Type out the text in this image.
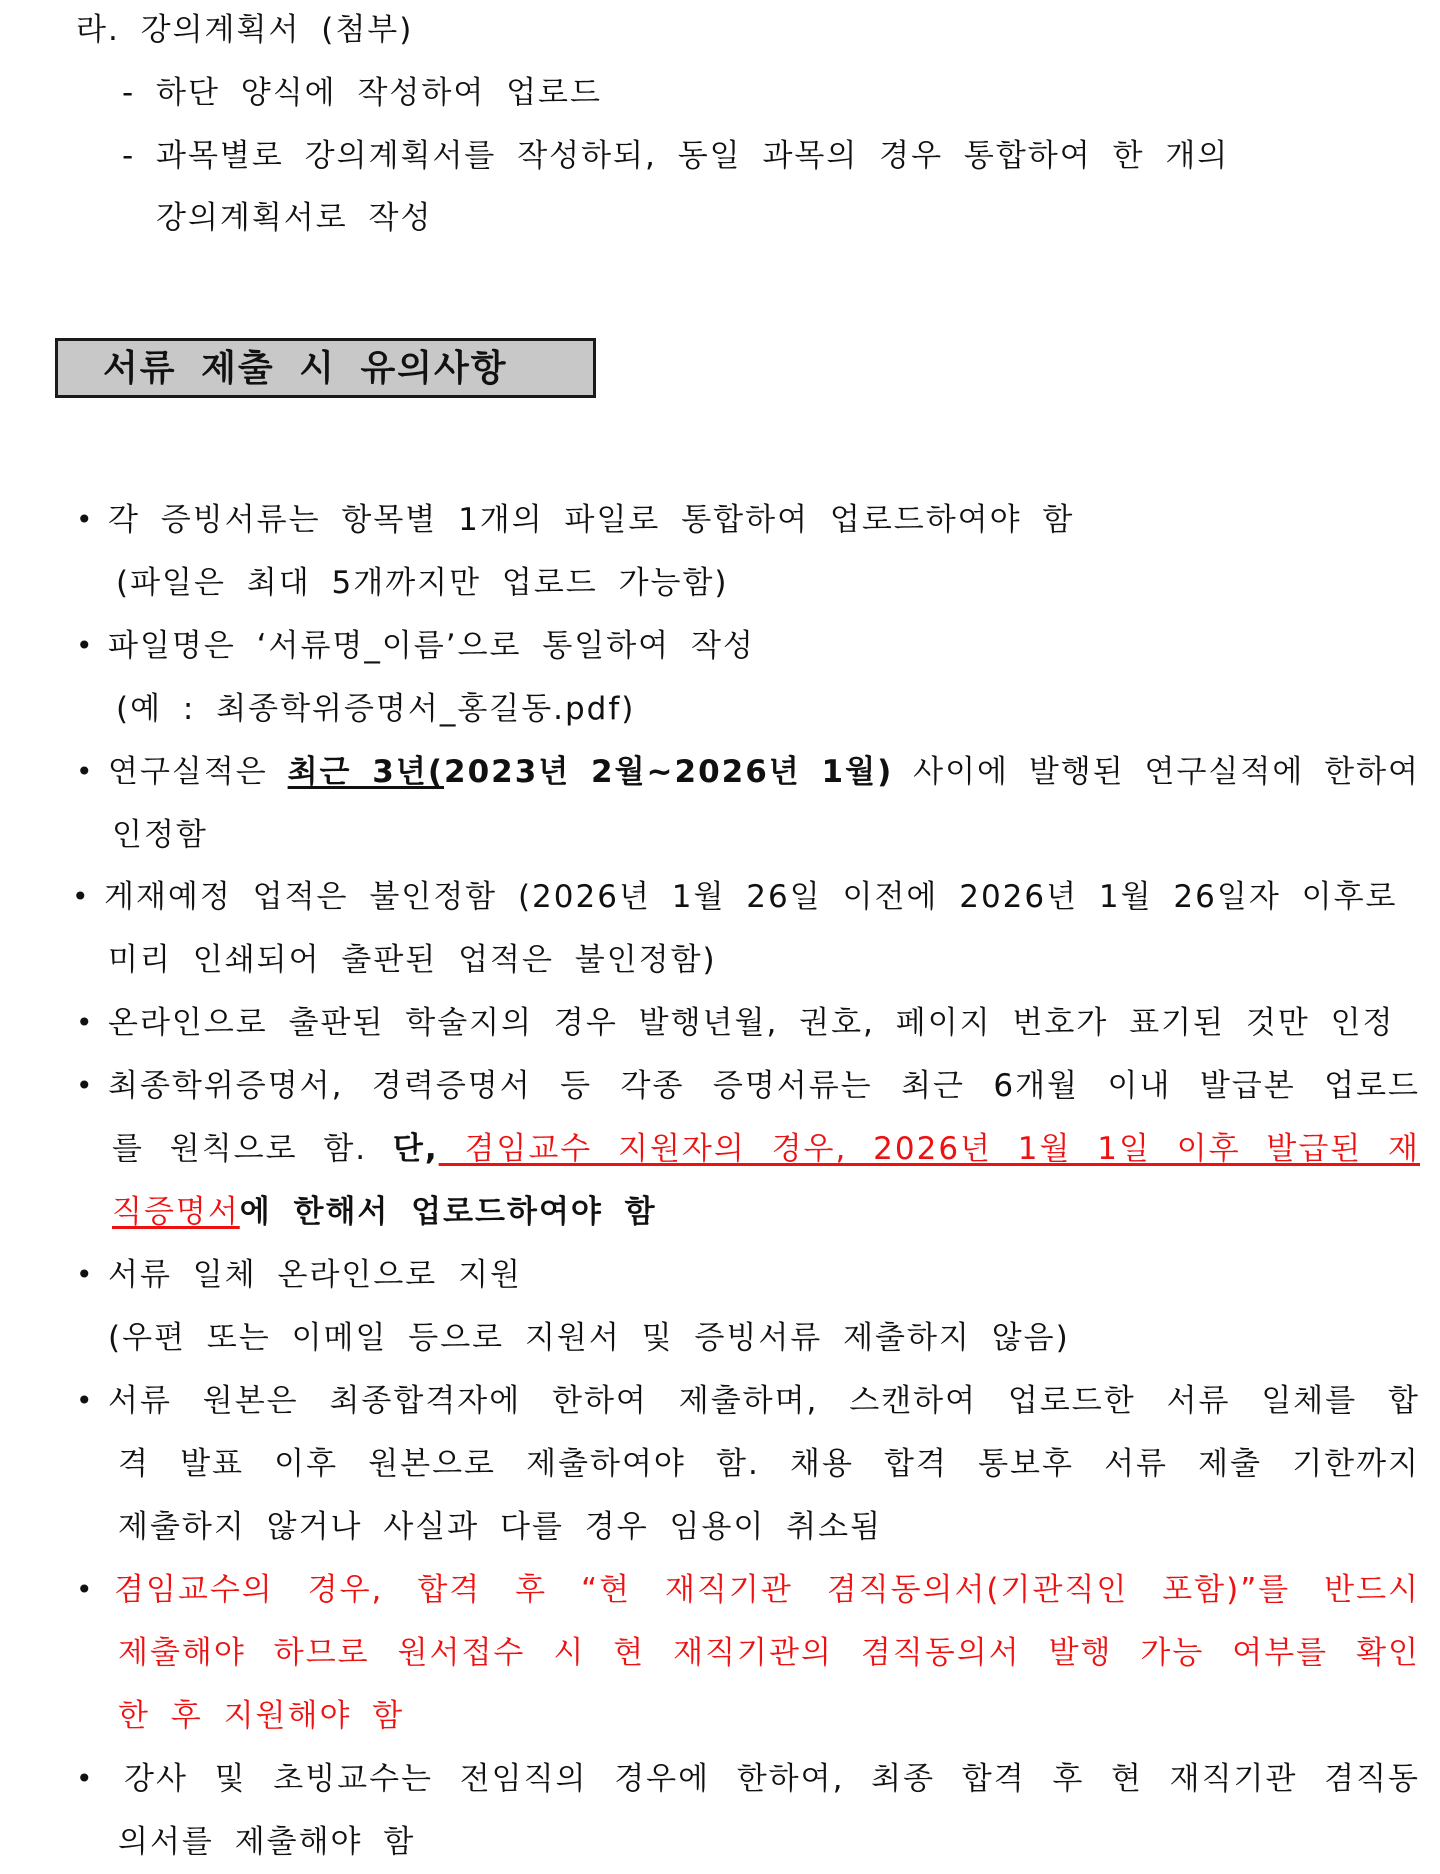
라. 강의계획서 (첨부)
- 하단 양식에 작성하여 업로드
- 과목별로 강의계획서를 작성하되, 동일 과목의 경우 통합하여 한 개의
강의계획서로 작성
서류 제출 시 유의사항
• 각 증빙서류는 항목별 1개의 파일로 통합하여 업로드하여야 함
(파일은 최대 5개까지만 업로드 가능함)
• 파일명은 ‘서류명_이름’으로 통일하여 작성
(예 : 최종학위증명서_홍길동.pdf)
• 연구실적은 최근 3년(2023년 2월~2026년 1월) 사이에 발행된 연구실적에 한하여
인정함
• 게재예정 업적은 불인정함 (2026년 1월 26일 이전에 2026년 1월 26일자 이후로
미리 인쇄되어 출판된 업적은 불인정함)
• 온라인으로 출판된 학술지의 경우 발행년월, 권호, 페이지 번호가 표기된 것만 인정
• 최종학위증명서, 경력증명서 등 각종 증명서류는 최근 6개월 이내 발급본 업로드
를 원칙으로 함. 단, 겸임교수 지원자의 경우, 2026년 1월 1일 이후 발급된 재
직증명서에 한해서 업로드하여야 함
• 서류 일체 온라인으로 지원
(우편 또는 이메일 등으로 지원서 및 증빙서류 제출하지 않음)
• 서류 원본은 최종합격자에 한하여 제출하며, 스캔하여 업로드한 서류 일체를 합
격 발표 이후 원본으로 제출하여야 함. 채용 합격 통보후 서류 제출 기한까지
제출하지 않거나 사실과 다를 경우 임용이 취소됨
• 겸임교수의 경우, 합격 후 “현 재직기관 겸직동의서(기관직인 포함)”를 반드시
제출해야 하므로 원서접수 시 현 재직기관의 겸직동의서 발행 가능 여부를 확인
한 후 지원해야 함
• 강사 및 초빙교수는 전임직의 경우에 한하여, 최종 합격 후 현 재직기관 겸직동
의서를 제출해야 함
